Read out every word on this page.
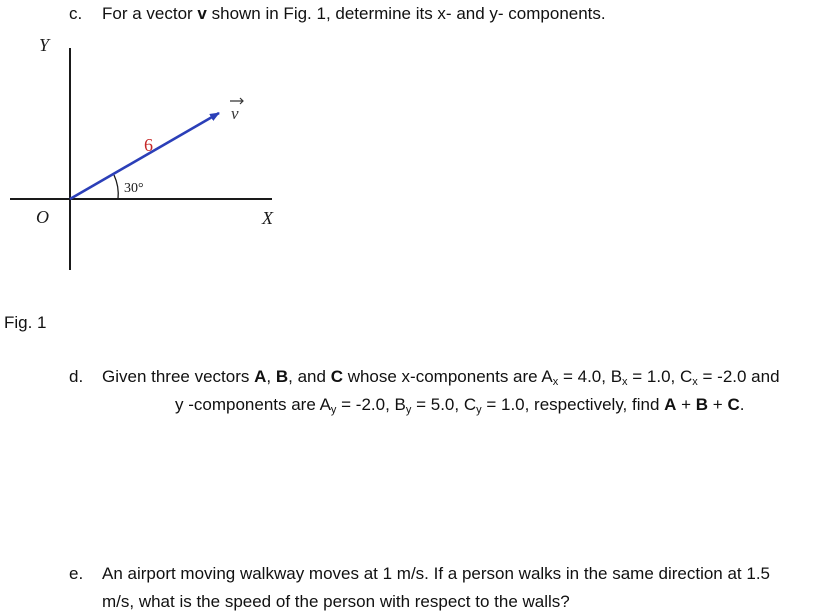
c.	For a vector v shown in Fig. 1, determine its x- and y- components.
Y
X
O
6
30°
v
Fig. 1
d.	Given three vectors A, B, and C whose x-components are $A_x = 4.0$, $B_x = 1.0$, $C_x = -2.0$ and
y -components are $A_y = -2.0$, $B_y = 5.0$, $C_y = 1.0$, respectively, find A + B + C.
e.	An airport moving walkway moves at 1 m/s. If a person walks in the same direction at 1.5
m/s, what is the speed of the person with respect to the walls?
